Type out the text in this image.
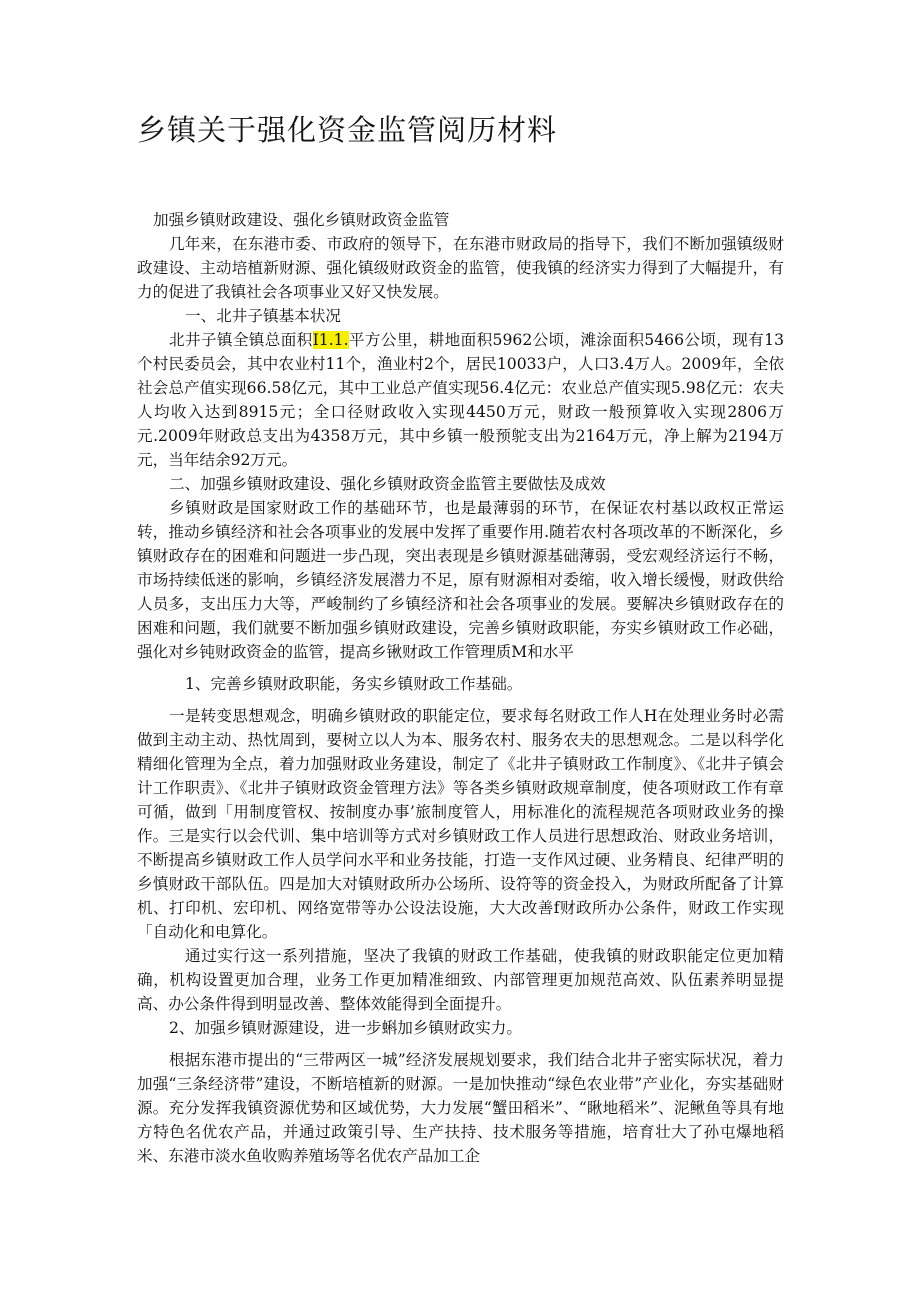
乡镇关于强化资金监管阅历材料

加强乡镇财政建设、强化乡镇财政资金监管

几年来，在东港市委、市政府的领导下，在东港市财政局的指导下，我们不断加强镇级财政建设、主动培植新财源、强化镇级财政资金的监管，使我镇的经济实力得到了大幅提升，有力的促进了我镇社会各项事业又好又快发展。

一、北井子镇基本状况

北井子镇全镇总面积I1.1.平方公里，耕地面积5962公顷，滩涂面积5466公顷，现有13个村民委员会，其中农业村11个，渔业村2个，居民10033户，人口3.4万人。2009年，全依社会总产值实现66.58亿元，其中工业总产值实现56.4亿元：农业总产值实现5.98亿元：农夫人均收入达到8915元；全口径财政收入实现4450万元，财政一般预算收入实现2806万元.2009年财政总支出为4358万元，其中乡镇一般预鸵支出为2164万元，净上解为2194万元，当年结余92万元。

二、加强乡镇财政建设、强化乡镇财政资金监管主要做怯及成效

乡镇财政是国家财政工作的基础环节，也是最薄弱的环节，在保证农村基以政权正常运转，推动乡镇经济和社会各项事业的发展中发挥了重要作用.随若农村各项改革的不断深化，乡镇财政存在的困难和问题进一步凸现，突出表现是乡镇财源基础薄弱，受宏观经济运行不畅，市场持续低迷的影响，乡镇经济发展潜力不足，原有财源相对委缩，收入增长缓慢，财政供给人员多，支出压力大等，严峻制约了乡镇经济和社会各项事业的发展。要解决乡镇财政存在的困难和问题，我们就要不断加强乡镇财政建设，完善乡镇财政职能，夯实乡镇财政工作必础，强化对乡钝财政资金的监管，提高乡锹财政工作管理质M和水平

1、完善乡镇财政职能，务实乡镇财政工作基础。

一是转变思想观念，明确乡镇财政的职能定位，要求每名财政工作人H在处理业务时必需做到主动主动、热忱周到，要树立以人为本、服务农村、服务农夫的思想观念。二是以科学化精细化管理为全点，着力加强财政业务建设，制定了《北井子镇财政工作制度》、《北井子镇会计工作职责》、《北井子镇财政资金管理方法》等各类乡镇财政规章制度，使各项财政工作有章可循，做到「用制度管权、按制度办事’旅制度管人，用标准化的流程规范各项财政业务的操作。三是实行以会代训、集中培训等方式对乡镇财政工作人员进行思想政治、财政业务培训，不断提高乡镇财政工作人员学问水平和业务技能，打造一支作风过硬、业务精良、纪律严明的乡慎财政干部队伍。四是加大对镇财政所办公场所、设符等的资金投入，为财政所配备了计算机、打印机、宏印机、网络宽带等办公设法设施，大大改善f财政所办公条件，财政工作实现「自动化和电算化。

通过实行这一系列措施，坚决了我镇的财政工作基础，使我镇的财政职能定位更加精确，机构设置更加合理，业务工作更加精准细致、内部管理更加规范高效、队伍素养明显提高、办公条件得到明显改善、整体效能得到全面提升。

2、加强乡镇财源建设，进一步蝌加乡镇财政实力。

根据东港市提出的“三带两区一城”经济发展规划要求，我们结合北井子密实际状况，着力加强“三条经济带”建设，不断培植新的财源。一是加快推动“绿色农业带”产业化，夯实基础财源。充分发挥我镇资源优势和区域优势，大力发展“蟹田稻米”、“瞅地稻米”、泥鳅鱼等具有地方特色名优农产品，并通过政策引导、生产扶持、技术服务等措施，培育壮大了孙屯爆地稻米、东港市淡水鱼收购养殖场等名优农产品加工企
